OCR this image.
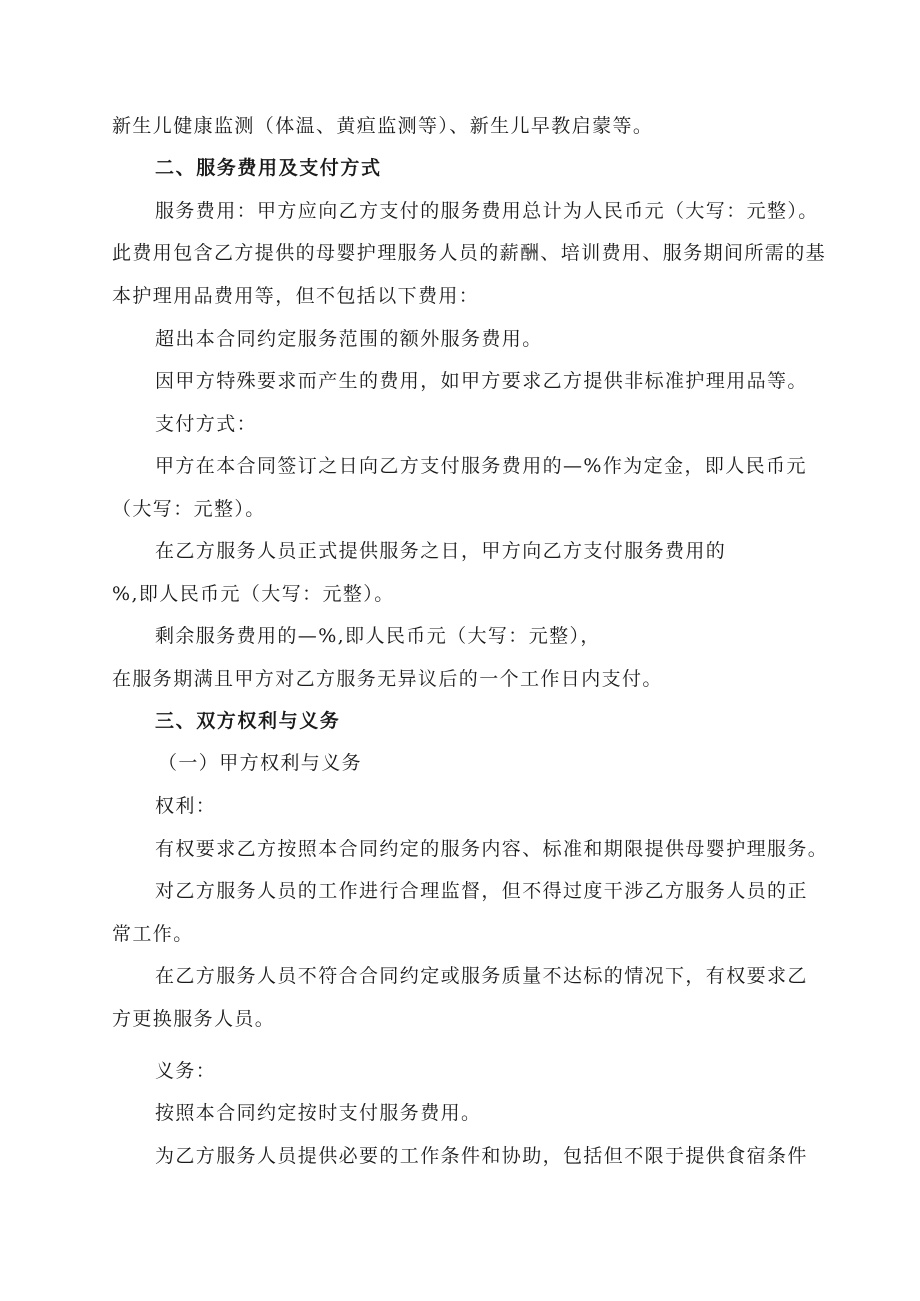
新生儿健康监测（体温、黄疸监测等）、新生儿早教启蒙等。
二、服务费用及支付方式
服务费用：甲方应向乙方支付的服务费用总计为人民币元（大写：元整）。
此费用包含乙方提供的母婴护理服务人员的薪酬、培训费用、服务期间所需的基
本护理用品费用等，但不包括以下费用：
超出本合同约定服务范围的额外服务费用。
因甲方特殊要求而产生的费用，如甲方要求乙方提供非标准护理用品等。
支付方式：
甲方在本合同签订之日向乙方支付服务费用的—%作为定金，即人民币元
（大写：元整）。
在乙方服务人员正式提供服务之日，甲方向乙方支付服务费用的
%,即人民币元（大写：元整）。
剩余服务费用的—%,即人民币元（大写：元整），
在服务期满且甲方对乙方服务无异议后的一个工作日内支付。
三、双方权利与义务
（一）甲方权利与义务
权利：
有权要求乙方按照本合同约定的服务内容、标准和期限提供母婴护理服务。
对乙方服务人员的工作进行合理监督，但不得过度干涉乙方服务人员的正
常工作。
在乙方服务人员不符合合同约定或服务质量不达标的情况下，有权要求乙
方更换服务人员。
义务：
按照本合同约定按时支付服务费用。
为乙方服务人员提供必要的工作条件和协助，包括但不限于提供食宿条件
